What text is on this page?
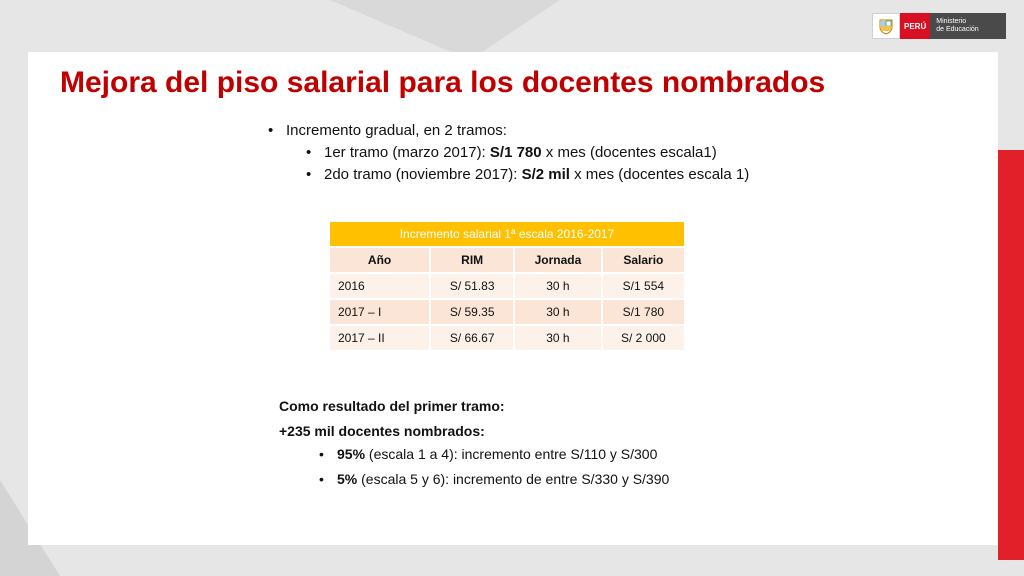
PERÚ	Ministerio
de Educación
Mejora del piso salarial para los docentes nombrados
• Incremento gradual, en 2 tramos:
• 1er tramo (marzo 2017): S/1 780 x mes (docentes escala1)
• 2do tramo (noviembre 2017): S/2 mil x mes (docentes escala 1)
Incremento salarial 1ª escala 2016-2017			
Año	RIM	Jornada	Salario
2016	S/ 51.83	30 h	S/1 554
2017 – I	S/ 59.35	30 h	S/1 780
2017 – II	S/ 66.67	30 h	S/ 2 000
Como resultado del primer tramo:
+235 mil docentes nombrados:
• 95% (escala 1 a 4): incremento entre S/110 y S/300
• 5% (escala 5 y 6): incremento de entre S/330 y S/390
